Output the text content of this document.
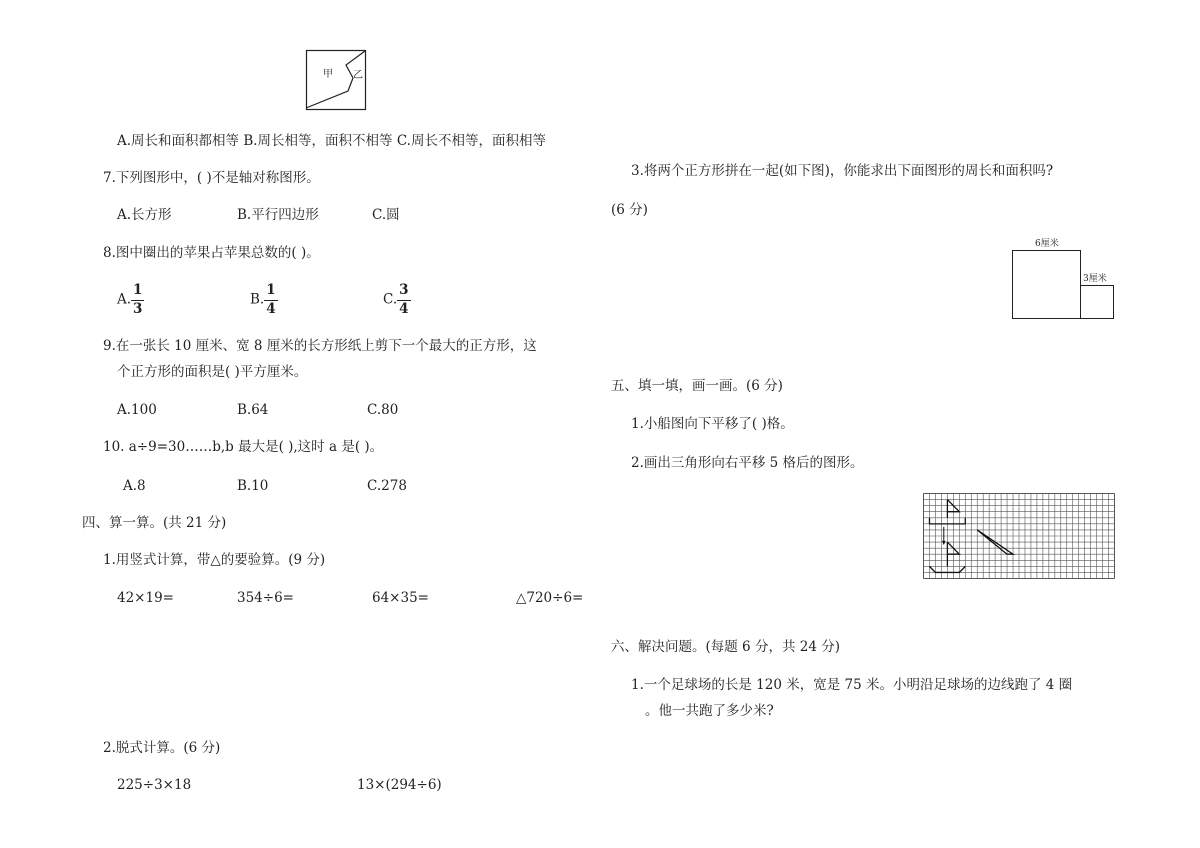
甲 乙
A.周长和面积都相等 B.周长相等，面积不相等 C.周长不相等，面积相等
7.下列图形中，( )不是轴对称图形。
A.长方形	B.平行四边形	C.圆
8.图中圈出的苹果占苹果总数的( )。
A. $\frac{1}{3}$	B. $\frac{1}{4}$	C. $\frac{3}{4}$
9.在一张长 10 厘米、宽 8 厘米的长方形纸上剪下一个最大的正方形，这
个正方形的面积是( )平方厘米。
A.100	B.64	C.80
10. a÷9=30……b,b 最大是( ),这时 a 是( )。
A.8	B.10	C.278
四、算一算。(共 21 分)
1.用竖式计算，带△的要验算。(9 分)
42×19=	354÷6=	64×35=	△720÷6=
2.脱式计算。(6 分)
225÷3×18	13×(294÷6)
3.将两个正方形拼在一起(如下图)，你能求出下面图形的周长和面积吗?
(6 分)
6厘米
3厘米
五、填一填，画一画。(6 分)
1.小船图向下平移了( )格。
2.画出三角形向右平移 5 格后的图形。
六、解决问题。(每题 6 分，共 24 分)
1.一个足球场的长是 120 米，宽是 75 米。小明沿足球场的边线跑了 4 圈
。他一共跑了多少米?
